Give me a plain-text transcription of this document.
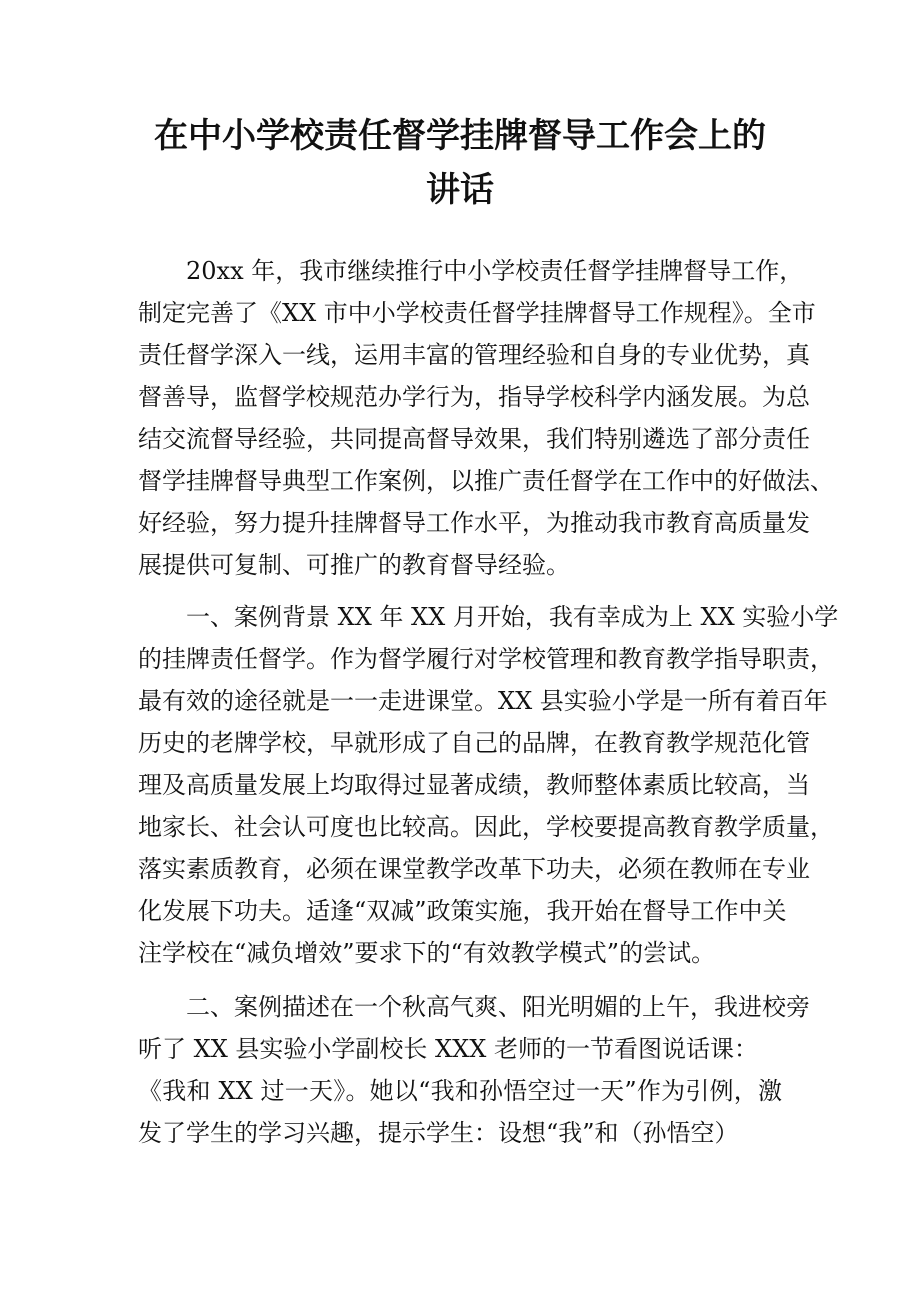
在中小学校责任督学挂牌督导工作会上的
讲话

20xx 年，我市继续推行中小学校责任督学挂牌督导工作，

制定完善了《XX 市中小学校责任督学挂牌督导工作规程》。全市

责任督学深入一线，运用丰富的管理经验和自身的专业优势，真

督善导，监督学校规范办学行为，指导学校科学内涵发展。为总

结交流督导经验，共同提高督导效果，我们特别遴选了部分责任

督学挂牌督导典型工作案例，以推广责任督学在工作中的好做法、

好经验，努力提升挂牌督导工作水平，为推动我市教育高质量发

展提供可复制、可推广的教育督导经验。

一、案例背景 XX 年 XX 月开始，我有幸成为上 XX 实验小学

的挂牌责任督学。作为督学履行对学校管理和教育教学指导职责，

最有效的途径就是一一走进课堂。XX 县实验小学是一所有着百年

历史的老牌学校，早就形成了自己的品牌，在教育教学规范化管

理及高质量发展上均取得过显著成绩，教师整体素质比较高，当

地家长、社会认可度也比较高。因此，学校要提高教育教学质量，

落实素质教育，必须在课堂教学改革下功夫，必须在教师在专业

化发展下功夫。适逢“双减”政策实施，我开始在督导工作中关

注学校在“减负增效”要求下的“有效教学模式”的尝试。

二、案例描述在一个秋高气爽、阳光明媚的上午，我进校旁

听了 XX 县实验小学副校长 XXX 老师的一节看图说话课：

《我和 XX 过一天》。她以“我和孙悟空过一天”作为引例，激

发了学生的学习兴趣，提示学生：设想“我”和（孙悟空）
